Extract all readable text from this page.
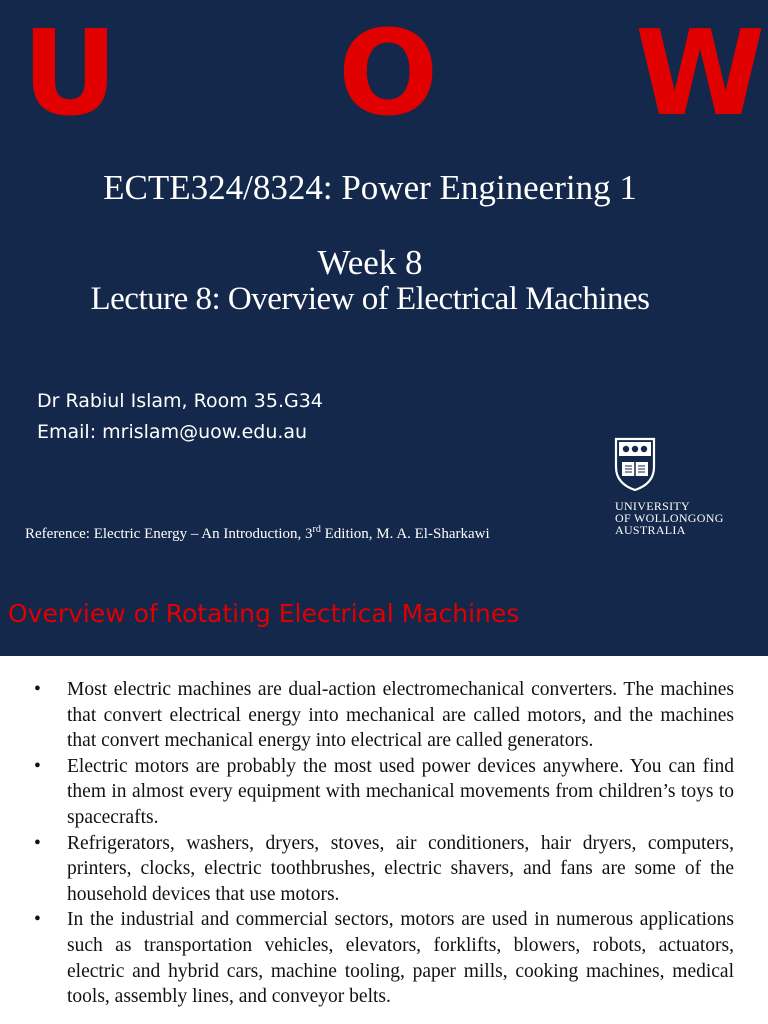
U O W
ECTE324/8324: Power Engineering 1
Week 8
Lecture 8: Overview of Electrical Machines
Dr Rabiul Islam, Room 35.G34
Email: mrislam@uow.edu.au
Reference: Electric Energy – An Introduction, 3rd Edition, M. A. El-Sharkawi
UNIVERSITY
OF WOLLONGONG
AUSTRALIA
Overview of Rotating Electrical Machines
• Most electric machines are dual-action electromechanical converters. The machines that convert electrical energy into mechanical are called motors, and the machines that convert mechanical energy into electrical are called generators.
• Electric motors are probably the most used power devices anywhere. You can find them in almost every equipment with mechanical movements from children’s toys to spacecrafts.
• Refrigerators, washers, dryers, stoves, air conditioners, hair dryers, computers, printers, clocks, electric toothbrushes, electric shavers, and fans are some of the household devices that use motors.
• In the industrial and commercial sectors, motors are used in numerous applications such as transportation vehicles, elevators, forklifts, blowers, robots, actuators, electric and hybrid cars, machine tooling, paper mills, cooking machines, medical tools, assembly lines, and conveyor belts.
